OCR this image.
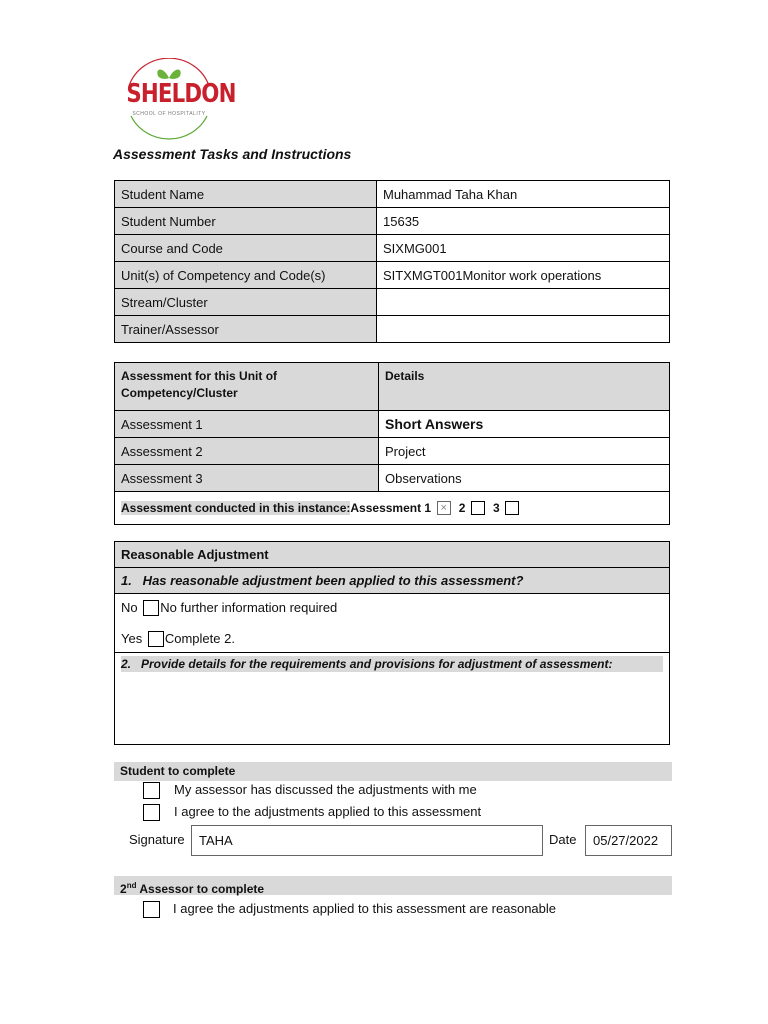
SHELDON
SCHOOL OF HOSPITALITY
Assessment Tasks and Instructions
Student Name	Muhammad Taha Khan
Student Number	15635
Course and Code	SIXMG001
Unit(s) of Competency and Code(s)	SITXMGT001Monitor work operations
Stream/Cluster	
Trainer/Assessor	
Assessment for this Unit of Competency/Cluster	Details
Assessment 1	Short Answers
Assessment 2	Project
Assessment 3	Observations
Assessment conducted in this instance:Assessment 1 × 2 3	
Reasonable Adjustment
1.   Has reasonable adjustment been applied to this assessment?

No No further information required
Yes Complete 2.

2.   Provide details for the requirements and provisions for adjustment of assessment:
Student to complete
My assessor has discussed the adjustments with me
I agree to the adjustments applied to this assessment
Signature	TAHA	Date	05/27/2022
2nd Assessor to complete
I agree the adjustments applied to this assessment are reasonable
